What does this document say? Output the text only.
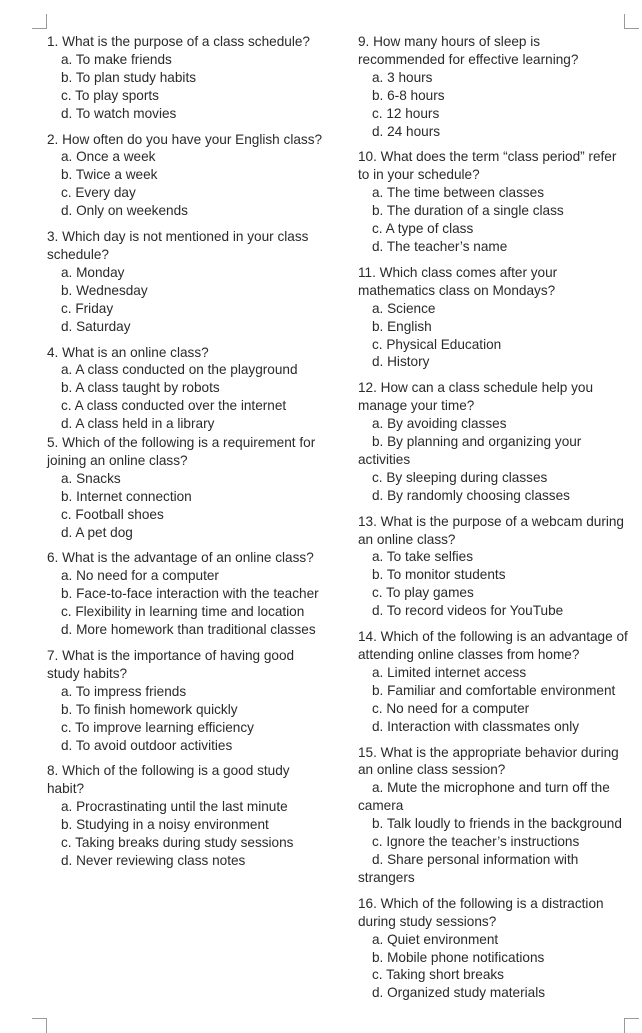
1. What is the purpose of a class schedule?

a. To make friends

b. To plan study habits

c. To play sports

d. To watch movies

2. How often do you have your English class?

a. Once a week

b. Twice a week

c. Every day

d. Only on weekends

3. Which day is not mentioned in your class schedule?

a. Monday

b. Wednesday

c. Friday

d. Saturday

4. What is an online class?

a. A class conducted on the playground

b. A class taught by robots

c. A class conducted over the internet

d. A class held in a library

5. Which of the following is a requirement for joining an online class?

a. Snacks

b. Internet connection

c. Football shoes

d. A pet dog

6. What is the advantage of an online class?

a. No need for a computer

b. Face-to-face interaction with the teacher

c. Flexibility in learning time and location

d. More homework than traditional classes

7. What is the importance of having good study habits?

a. To impress friends

b. To finish homework quickly

c. To improve learning efficiency

d. To avoid outdoor activities

8. Which of the following is a good study habit?

a. Procrastinating until the last minute

b. Studying in a noisy environment

c. Taking breaks during study sessions

d. Never reviewing class notes

9. How many hours of sleep is recommended for effective learning?

a. 3 hours

b. 6-8 hours

c. 12 hours

d. 24 hours

10. What does the term “class period” refer to in your schedule?

a. The time between classes

b. The duration of a single class

c. A type of class

d. The teacher’s name

11. Which class comes after your mathematics class on Mondays?

a. Science

b. English

c. Physical Education

d. History

12. How can a class schedule help you manage your time?

a. By avoiding classes

b. By planning and organizing your activities

c. By sleeping during classes

d. By randomly choosing classes

13. What is the purpose of a webcam during an online class?

a. To take selfies

b. To monitor students

c. To play games

d. To record videos for YouTube

14. Which of the following is an advantage of attending online classes from home?

a. Limited internet access

b. Familiar and comfortable environment

c. No need for a computer

d. Interaction with classmates only

15. What is the appropriate behavior during an online class session?

a. Mute the microphone and turn off the camera

b. Talk loudly to friends in the background

c. Ignore the teacher’s instructions

d. Share personal information with strangers

16. Which of the following is a distraction during study sessions?

a. Quiet environment

b. Mobile phone notifications

c. Taking short breaks

d. Organized study materials
